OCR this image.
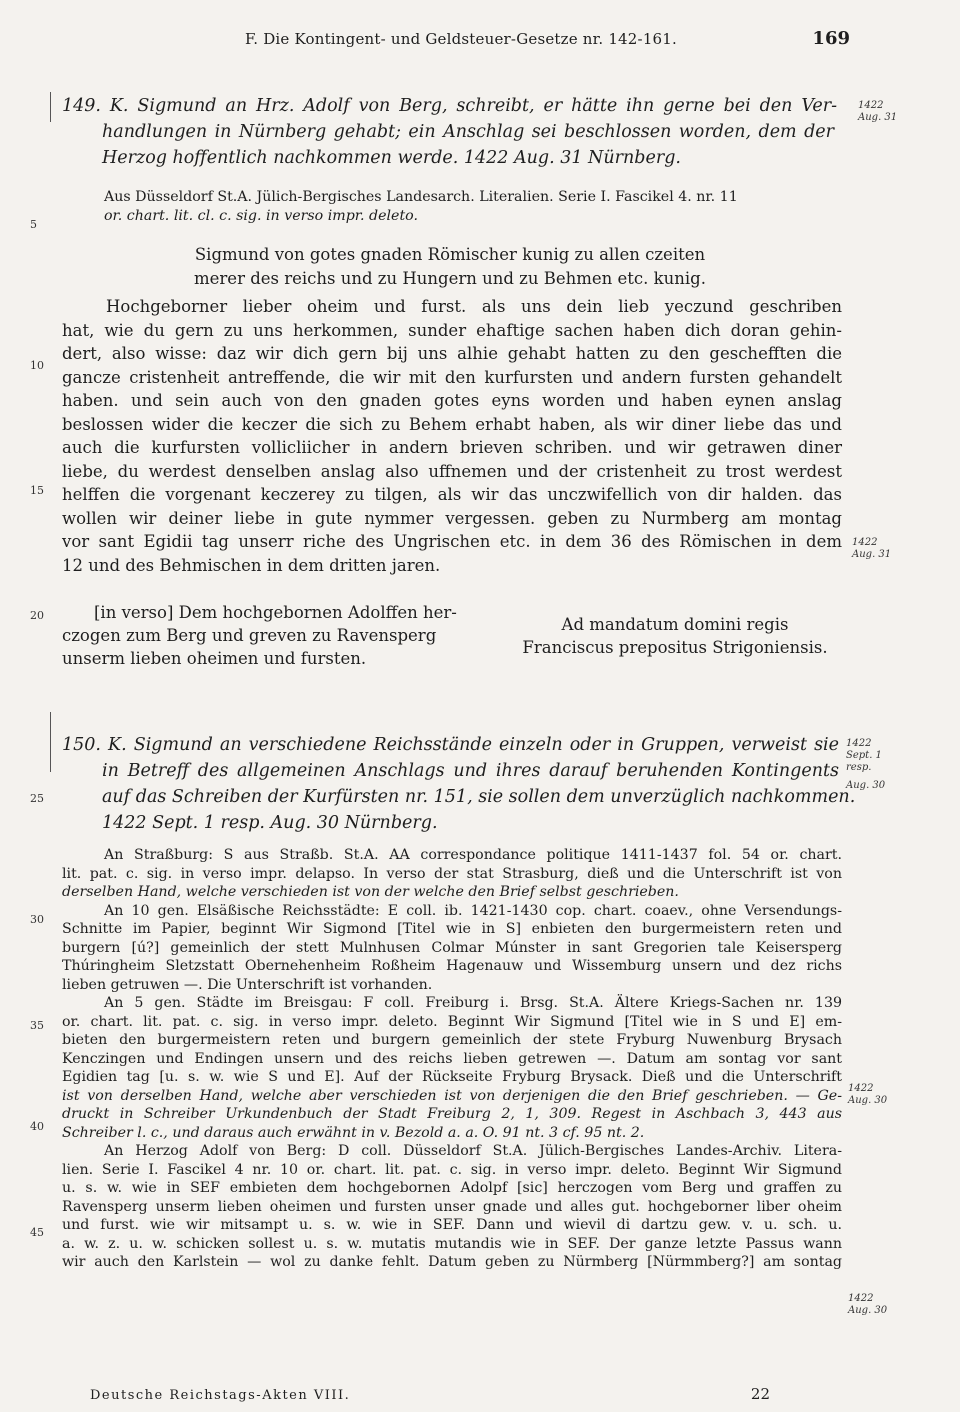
F. Die Kontingent- und Geldsteuer-Gesetze nr. 142-161.	169
149. K. Sigmund an Hrz. Adolf von Berg, schreibt, er hätte ihn gerne bei den Ver-
handlungen in Nürnberg gehabt; ein Anschlag sei beschlossen worden, dem der
Herzog hoffentlich nachkommen werde. 1422 Aug. 31 Nürnberg.
1422
Aug. 31
Aus Düsseldorf St.A. Jülich-Bergisches Landesarch. Literalien. Serie I. Fascikel 4. nr. 11
or. chart. lit. cl. c. sig. in verso impr. deleto.
Sigmund von gotes gnaden Römischer kunig zu allen czeiten
merer des reichs und zu Hungern und zu Behmen etc. kunig.
Hochgeborner lieber oheim und furst. als uns dein lieb yeczund geschriben
hat, wie du gern zu uns herkommen, sunder ehaftige sachen haben dich doran gehin-
dert, also wisse: daz wir dich gern bij uns alhie gehabt hatten zu den geschefften die
gancze cristenheit antreffende, die wir mit den kurfursten und andern fursten gehandelt
haben. und sein auch von den gnaden gotes eyns worden und haben eynen anslag
beslossen wider die keczer die sich zu Behem erhabt haben, als wir diner liebe das und
auch die kurfursten vollicliicher in andern brieven schriben. und wir getrawen diner
liebe, du werdest denselben anslag also uffnemen und der cristenheit zu trost werdest
helffen die vorgenant keczerey zu tilgen, als wir das unczwifellich von dir halden. das
wollen wir deiner liebe in gute nymmer vergessen. geben zu Nurmberg am montag
vor sant Egidii tag unserr riche des Ungrischen etc. in dem 36 des Römischen in dem
12 und des Behmischen in dem dritten jaren.
1422
Aug. 31
[in verso] Dem hochgebornen Adolffen her-
czogen zum Berg und greven zu Ravensperg
unserm lieben oheimen und fursten.
Ad mandatum domini regis
Franciscus prepositus Strigoniensis.
150. K. Sigmund an verschiedene Reichsstände einzeln oder in Gruppen, verweist sie
in Betreff des allgemeinen Anschlags und ihres darauf beruhenden Kontingents
auf das Schreiben der Kurfürsten nr. 151, sie sollen dem unverzüglich nachkommen.
1422 Sept. 1 resp. Aug. 30 Nürnberg.
1422
Sept. 1
resp.
Aug. 30
An Straßburg: S aus Straßb. St.A. AA correspondance politique 1411-1437 fol. 54 or. chart.
lit. pat. c. sig. in verso impr. delapso. In verso der stat Strasburg, dieß und die Unterschrift ist von
derselben Hand, welche verschieden ist von der welche den Brief selbst geschrieben.
An 10 gen. Elsäßische Reichsstädte: E coll. ib. 1421-1430 cop. chart. coaev., ohne Versendungs-
Schnitte im Papier, beginnt Wir Sigmond [Titel wie in S] enbieten den burgermeistern reten und
burgern [ú?] gemeinlich der stett Mulnhusen Colmar Múnster in sant Gregorien tale Keisersperg
Thúringheim Sletzstatt Obernehenheim Roßheim Hagenauw und Wissemburg unsern und dez richs
lieben getruwen —. Die Unterschrift ist vorhanden.
An 5 gen. Städte im Breisgau: F coll. Freiburg i. Brsg. St.A. Ältere Kriegs-Sachen nr. 139
or. chart. lit. pat. c. sig. in verso impr. deleto. Beginnt Wir Sigmund [Titel wie in S und E] em-
bieten den burgermeistern reten und burgern gemeinlich der stete Fryburg Nuwenburg Brysach
Kenczingen und Endingen unsern und des reichs lieben getrewen —. Datum am sontag vor sant
Egidien tag [u. s. w. wie S und E]. Auf der Rückseite Fryburg Brysack. Dieß und die Unterschrift
ist von derselben Hand, welche aber verschieden ist von derjenigen die den Brief geschrieben. — Ge-
druckt in Schreiber Urkundenbuch der Stadt Freiburg 2, 1, 309. Regest in Aschbach 3, 443 aus
Schreiber l. c., und daraus auch erwähnt in v. Bezold a. a. O. 91 nt. 3 cf. 95 nt. 2.
An Herzog Adolf von Berg: D coll. Düsseldorf St.A. Jülich-Bergisches Landes-Archiv. Litera-
lien. Serie I. Fascikel 4 nr. 10 or. chart. lit. pat. c. sig. in verso impr. deleto. Beginnt Wir Sigmund
u. s. w. wie in SEF embieten dem hochgebornen Adolpf [sic] herczogen vom Berg und graffen zu
Ravensperg unserm lieben oheimen und fursten unser gnade und alles gut. hochgeborner liber oheim
und furst. wie wir mitsampt u. s. w. wie in SEF. Dann und wievil di dartzu gew. v. u. sch. u.
a. w. z. u. w. schicken sollest u. s. w. mutatis mutandis wie in SEF. Der ganze letzte Passus wann
wir auch den Karlstein — wol zu danke fehlt. Datum geben zu Nürmberg [Nürmmberg?] am sontag
1422
Aug. 30
1422
Aug. 30
5
10
15
20
25
30
35
40
45
Deutsche Reichstags-Akten VIII.	22
